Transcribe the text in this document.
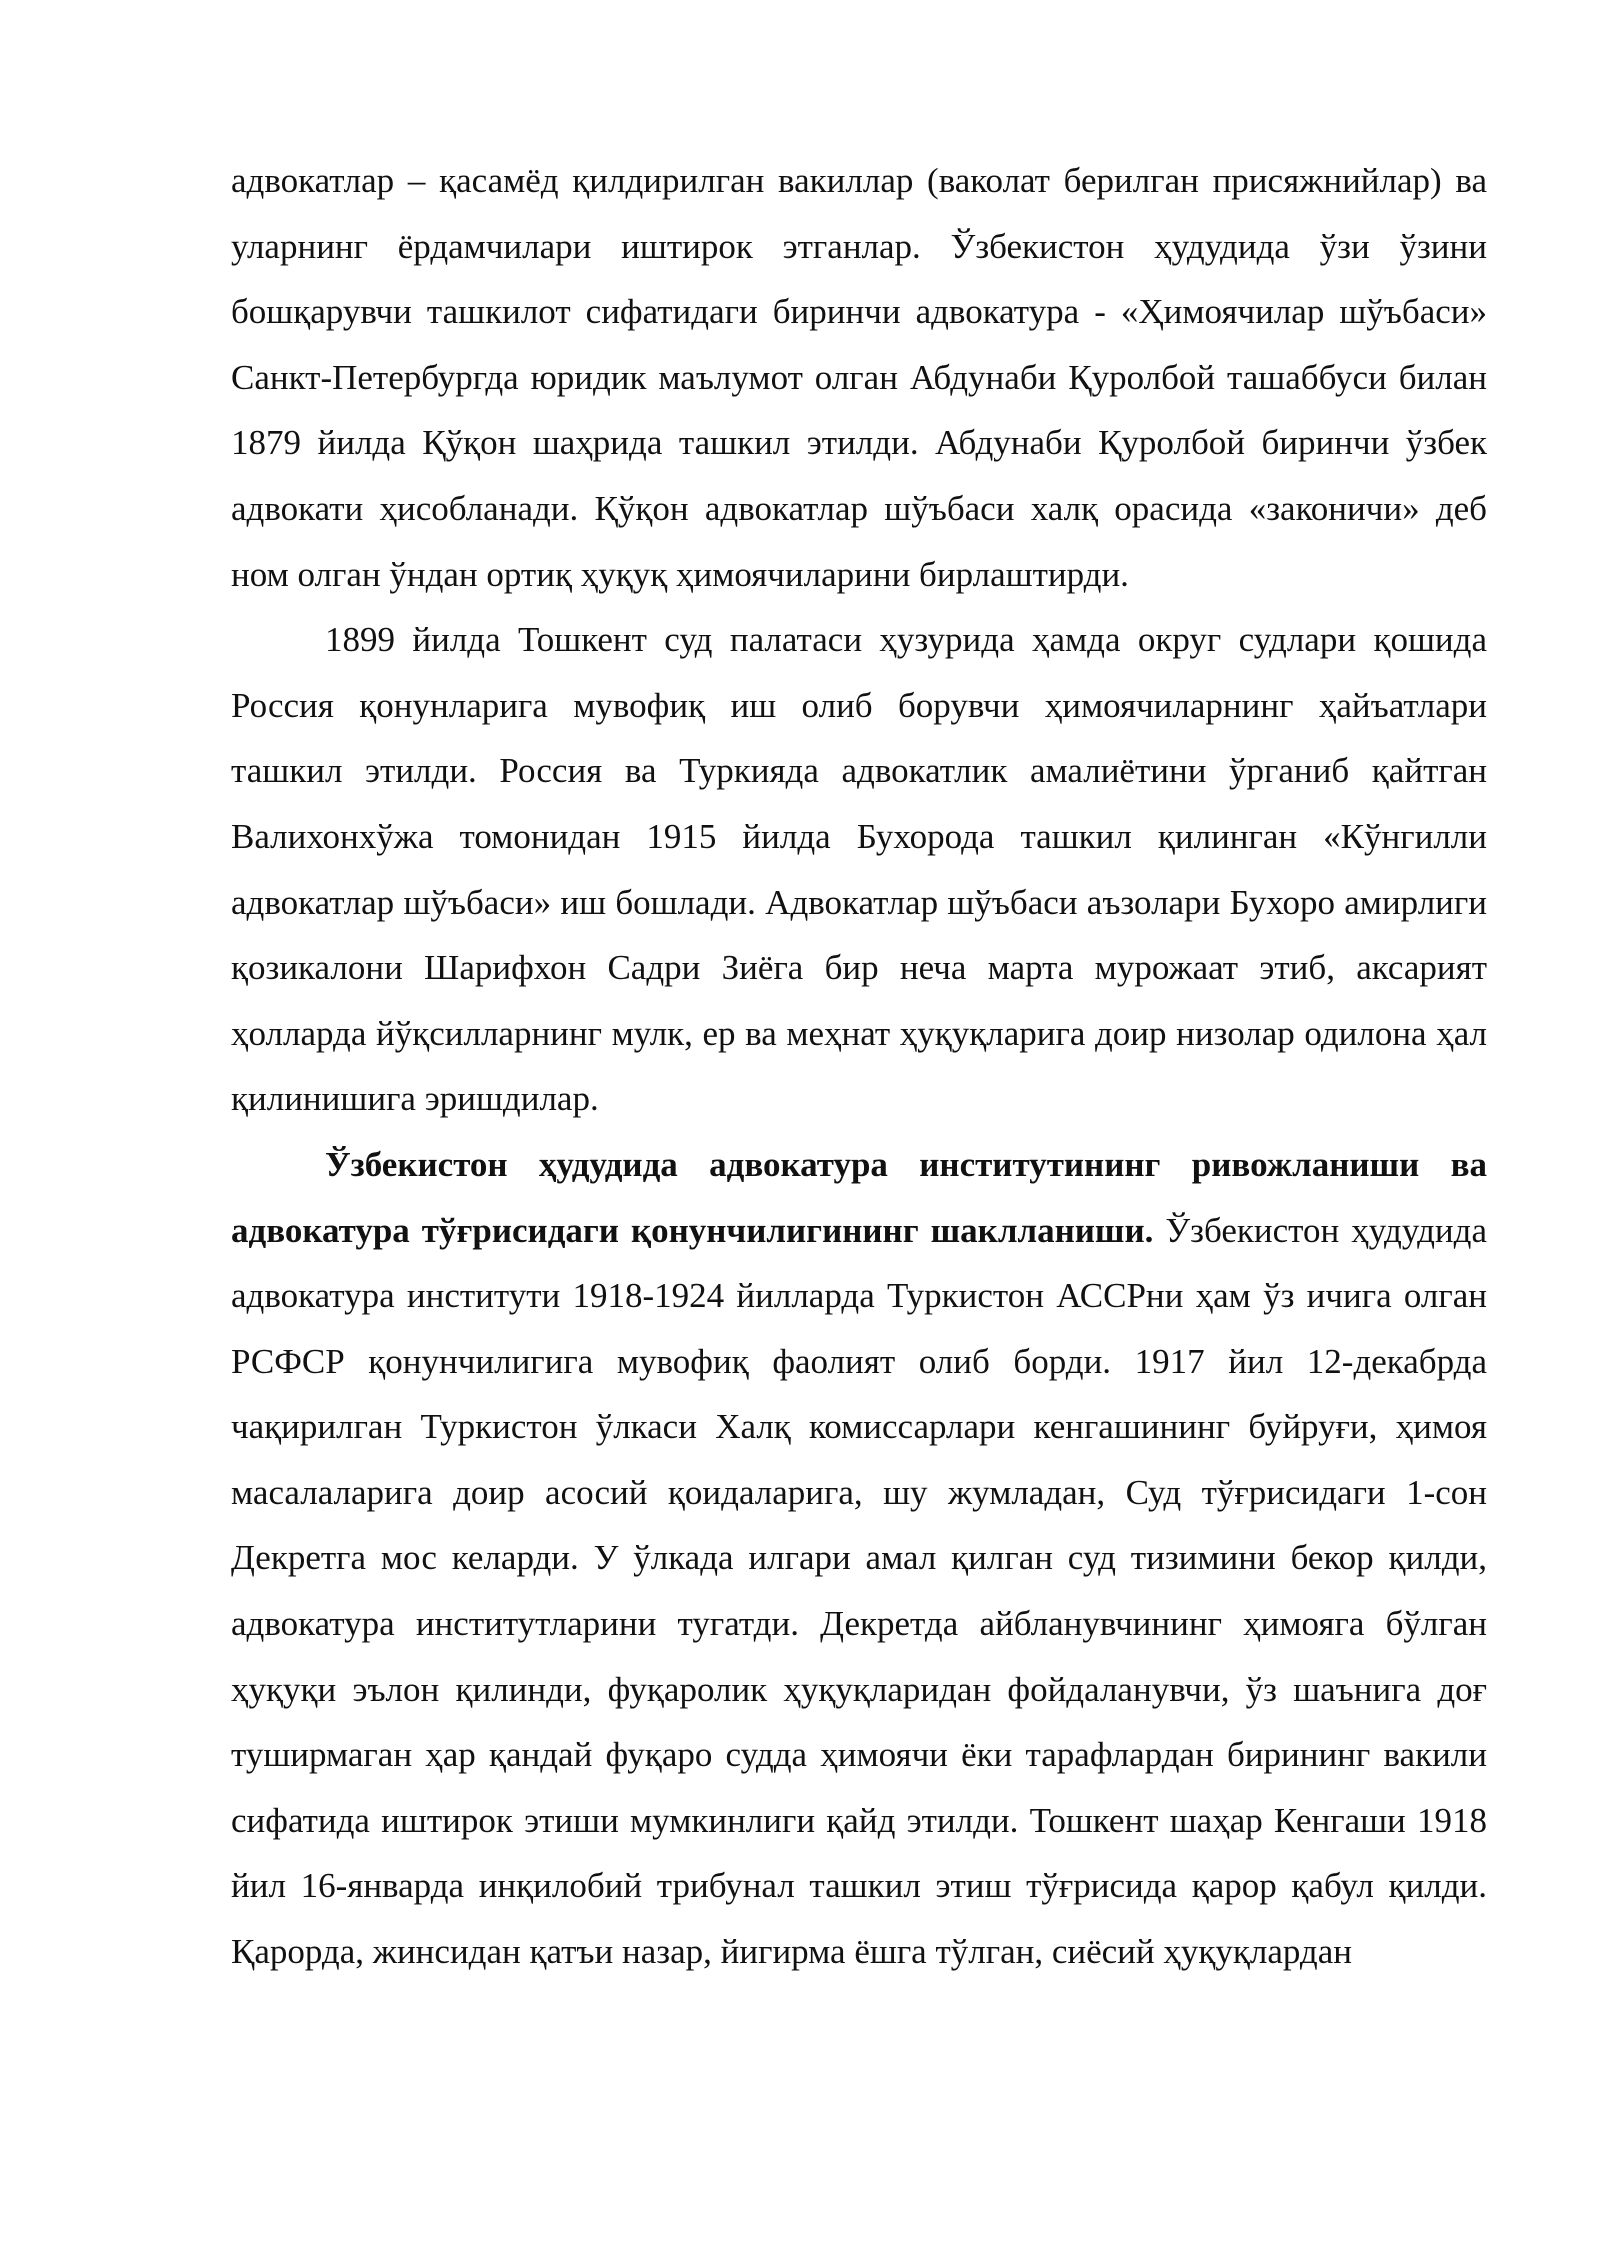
адвокатлар – қасамёд қилдирилган вакиллар (ваколат берилган присяжнийлар) ва уларнинг ёрдамчилари иштирок этганлар. Ўзбекистон ҳудудида ўзи ўзини бошқарувчи ташкилот сифатидаги биринчи адвокатура - «Ҳимоячилар шўъбаси» Санкт-Петербургда юридик маълумот олган Абдунаби Қуролбой ташаббуси билан 1879 йилда Қўқон шаҳрида ташкил этилди. Абдунаби Қуролбой биринчи ўзбек адвокати ҳисобланади. Қўқон адвокатлар шўъбаси халқ орасида «законичи» деб ном олган ўндан ортиқ ҳуқуқ ҳимоячиларини бирлаштирди.

1899 йилда Тошкент суд палатаси ҳузурида ҳамда округ судлари қошида Россия қонунларига мувофиқ иш олиб борувчи ҳимоячиларнинг ҳайъатлари ташкил этилди. Россия ва Туркияда адвокатлик амалиётини ўрганиб қайтган Валихонхўжа томонидан 1915 йилда Бухорода ташкил қилинган «Кўнгилли адвокатлар шўъбаси» иш бошлади. Адвокатлар шўъбаси аъзолари Бухоро амирлиги қозикалони Шарифхон Садри Зиёга бир неча марта мурожаат этиб, аксарият ҳолларда йўқсилларнинг мулк, ер ва меҳнат ҳуқуқларига доир низолар одилона ҳал қилинишига эришдилар.

Ўзбекистон ҳудудида адвокатура институтининг ривожланиши ва адвокатура тўғрисидаги қонунчилигининг шаклланиши. Ўзбекистон ҳудудида адвокатура институти 1918-1924 йилларда Туркистон АССРни ҳам ўз ичига олган РСФСР қонунчилигига мувофиқ фаолият олиб борди. 1917 йил 12-декабрда чақирилган Туркистон ўлкаси Халқ комиссарлари кенгашининг буйруғи, ҳимоя масалаларига доир асосий қоидаларига, шу жумладан, Суд тўғрисидаги 1-сон Декретга мос келарди. У ўлкада илгари амал қилган суд тизимини бекор қилди, адвокатура институтларини тугатди. Декретда айбланувчининг ҳимояга бўлган ҳуқуқи эълон қилинди, фуқаролик ҳуқуқларидан фойдаланувчи, ўз шаънига доғ туширмаган ҳар қандай фуқаро судда ҳимоячи ёки тарафлардан бирининг вакили сифатида иштирок этиши мумкинлиги қайд этилди. Тошкент шаҳар Кенгаши 1918 йил 16-январда инқилобий трибунал ташкил этиш тўғрисида қарор қабул қилди. Қарорда, жинсидан қатъи назар, йигирма ёшга тўлган, сиёсий ҳуқуқлардан
